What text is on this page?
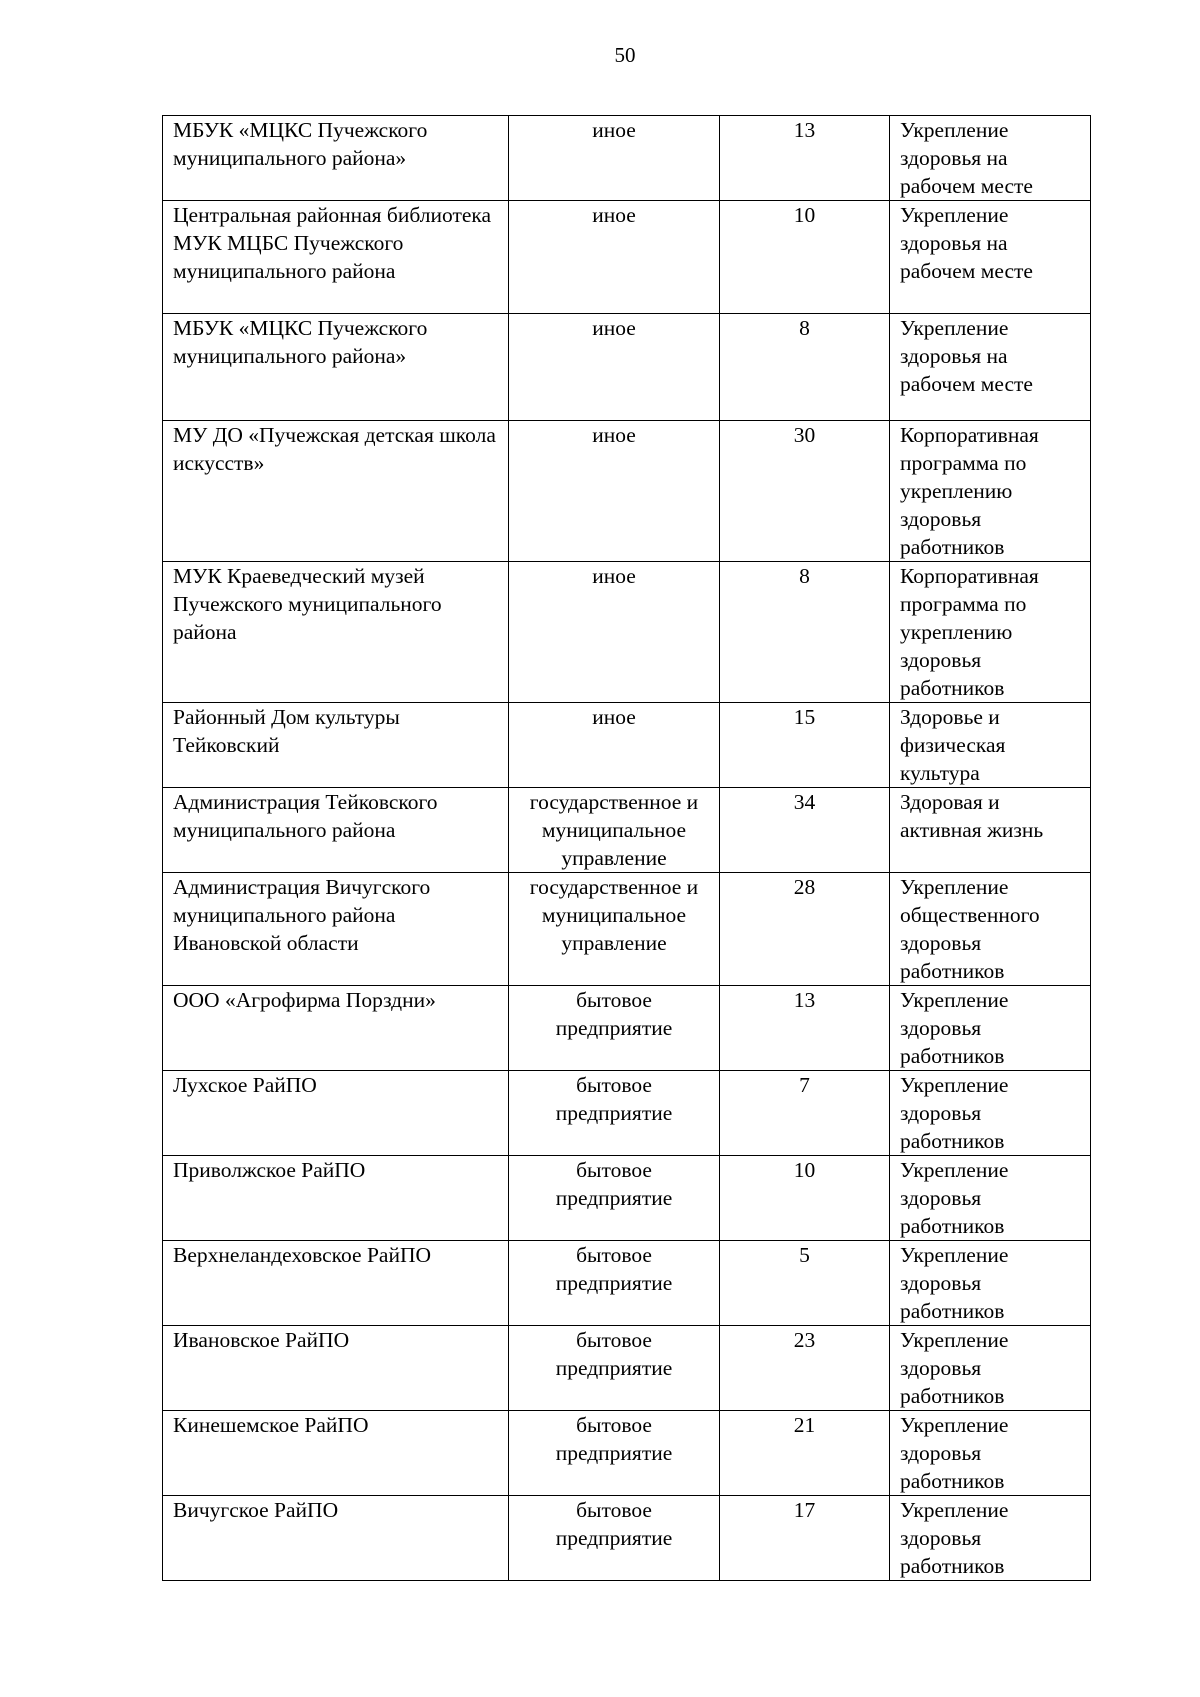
50
МБУК «МЦКС Пучежского муниципального района»	иное	13	Укрепление здоровья на рабочем месте
Центральная районная библиотека МУК МЦБС Пучежского муниципального района	иное	10	Укрепление здоровья на рабочем месте
МБУК «МЦКС Пучежского муниципального района»	иное	8	Укрепление здоровья на рабочем месте
МУ ДО «Пучежская детская школа искусств»	иное	30	Корпоративная программа по укреплению здоровья работников
МУК Краеведческий музей Пучежского муниципального района	иное	8	Корпоративная программа по укреплению здоровья работников
Районный Дом культуры Тейковский	иное	15	Здоровье и физическая культура
Администрация Тейковского муниципального района	государственное и муниципальное управление	34	Здоровая и активная жизнь
Администрация Вичугского муниципального района Ивановской области	государственное и муниципальное управление	28	Укрепление общественного здоровья работников
ООО «Агрофирма Порздни»	бытовое предприятие	13	Укрепление здоровья работников
Лухское РайПО	бытовое предприятие	7	Укрепление здоровья работников
Приволжское РайПО	бытовое предприятие	10	Укрепление здоровья работников
Верхнеландеховское РайПО	бытовое предприятие	5	Укрепление здоровья работников
Ивановское РайПО	бытовое предприятие	23	Укрепление здоровья работников
Кинешемское РайПО	бытовое предприятие	21	Укрепление здоровья работников
Вичугское РайПО	бытовое предприятие	17	Укрепление здоровья работников
